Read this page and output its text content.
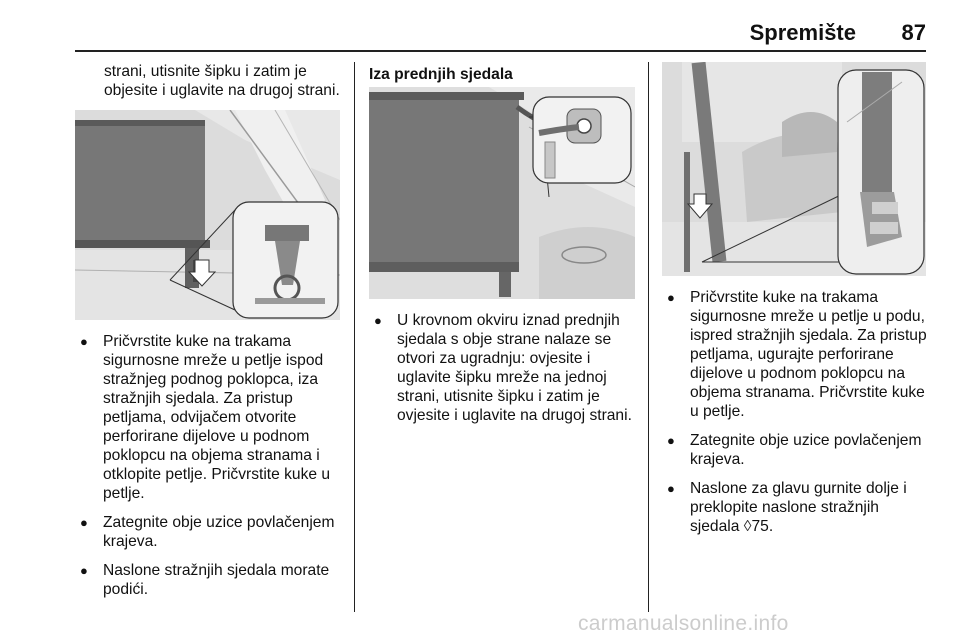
Spremište 87
strani, utisnite šipku i zatim je objesite i uglavite na drugoj strani.
● Pričvrstite kuke na trakama sigurnosne mreže u petlje ispod stražnjeg podnog poklopca, iza stražnjih sjedala. Za pristup petljama, odvijačem otvorite perforirane dijelove u podnom poklopcu na objema stranama i otklopite petlje. Pričvrstite kuke u petlje.
● Zategnite obje uzice povlačenjem krajeva.
● Naslone stražnjih sjedala morate podići.
Iza prednjih sjedala
● U krovnom okviru iznad prednjih sjedala s obje strane nalaze se otvori za ugradnju: ovjesite i uglavite šipku mreže na jednoj strani, utisnite šipku i zatim je ovjesite i uglavite na drugoj strani.
● Pričvrstite kuke na trakama sigurnosne mreže u petlje u podu, ispred stražnjih sjedala. Za pristup petljama, ugurajte perforirane dijelove u podnom poklopcu na objema stranama. Pričvrstite kuke u petlje.
● Zategnite obje uzice povlačenjem krajeva.
● Naslone za glavu gurnite dolje i preklopite naslone stražnjih sjedala ◊75.
carmanualsonline.info
